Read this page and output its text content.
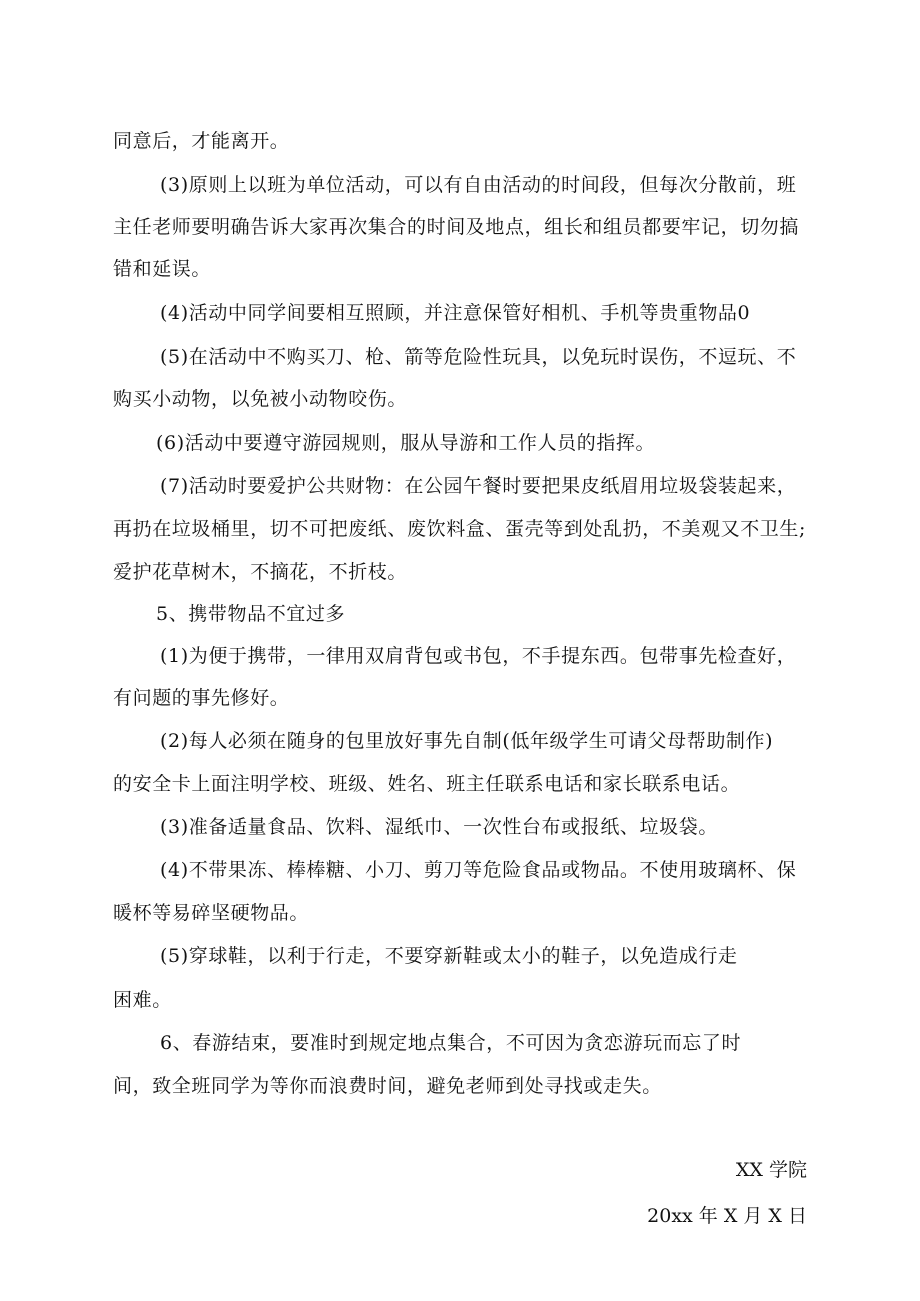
同意后，才能离开。
(3)原则上以班为单位活动，可以有自由活动的时间段，但每次分散前，班
主任老师要明确告诉大家再次集合的时间及地点，组长和组员都要牢记，切勿搞
错和延误。
(4)活动中同学间要相互照顾，并注意保管好相机、手机等贵重物品0
(5)在活动中不购买刀、枪、箭等危险性玩具，以免玩时误伤，不逗玩、不
购买小动物，以免被小动物咬伤。
(6)活动中要遵守游园规则，服从导游和工作人员的指挥。
(7)活动时要爱护公共财物：在公园午餐时要把果皮纸眉用垃圾袋装起来，
再扔在垃圾桶里，切不可把废纸、废饮料盒、蛋壳等到处乱扔，不美观又不卫生;
爱护花草树木，不摘花，不折枝。
5、携带物品不宜过多
(1)为便于携带，一律用双肩背包或书包，不手提东西。包带事先检查好，
有问题的事先修好。
(2)每人必须在随身的包里放好事先自制(低年级学生可请父母帮助制作)
的安全卡上面注明学校、班级、姓名、班主任联系电话和家长联系电话。
(3)准备适量食品、饮料、湿纸巾、一次性台布或报纸、垃圾袋。
(4)不带果冻、棒棒糖、小刀、剪刀等危险食品或物品。不使用玻璃杯、保
暖杯等易碎坚硬物品。
(5)穿球鞋，以利于行走，不要穿新鞋或太小的鞋子，以免造成行走
困难。
6、春游结束，要准时到规定地点集合，不可因为贪恋游玩而忘了时
间，致全班同学为等你而浪费时间，避免老师到处寻找或走失。
XX 学院
20xx 年 X 月 X 日
